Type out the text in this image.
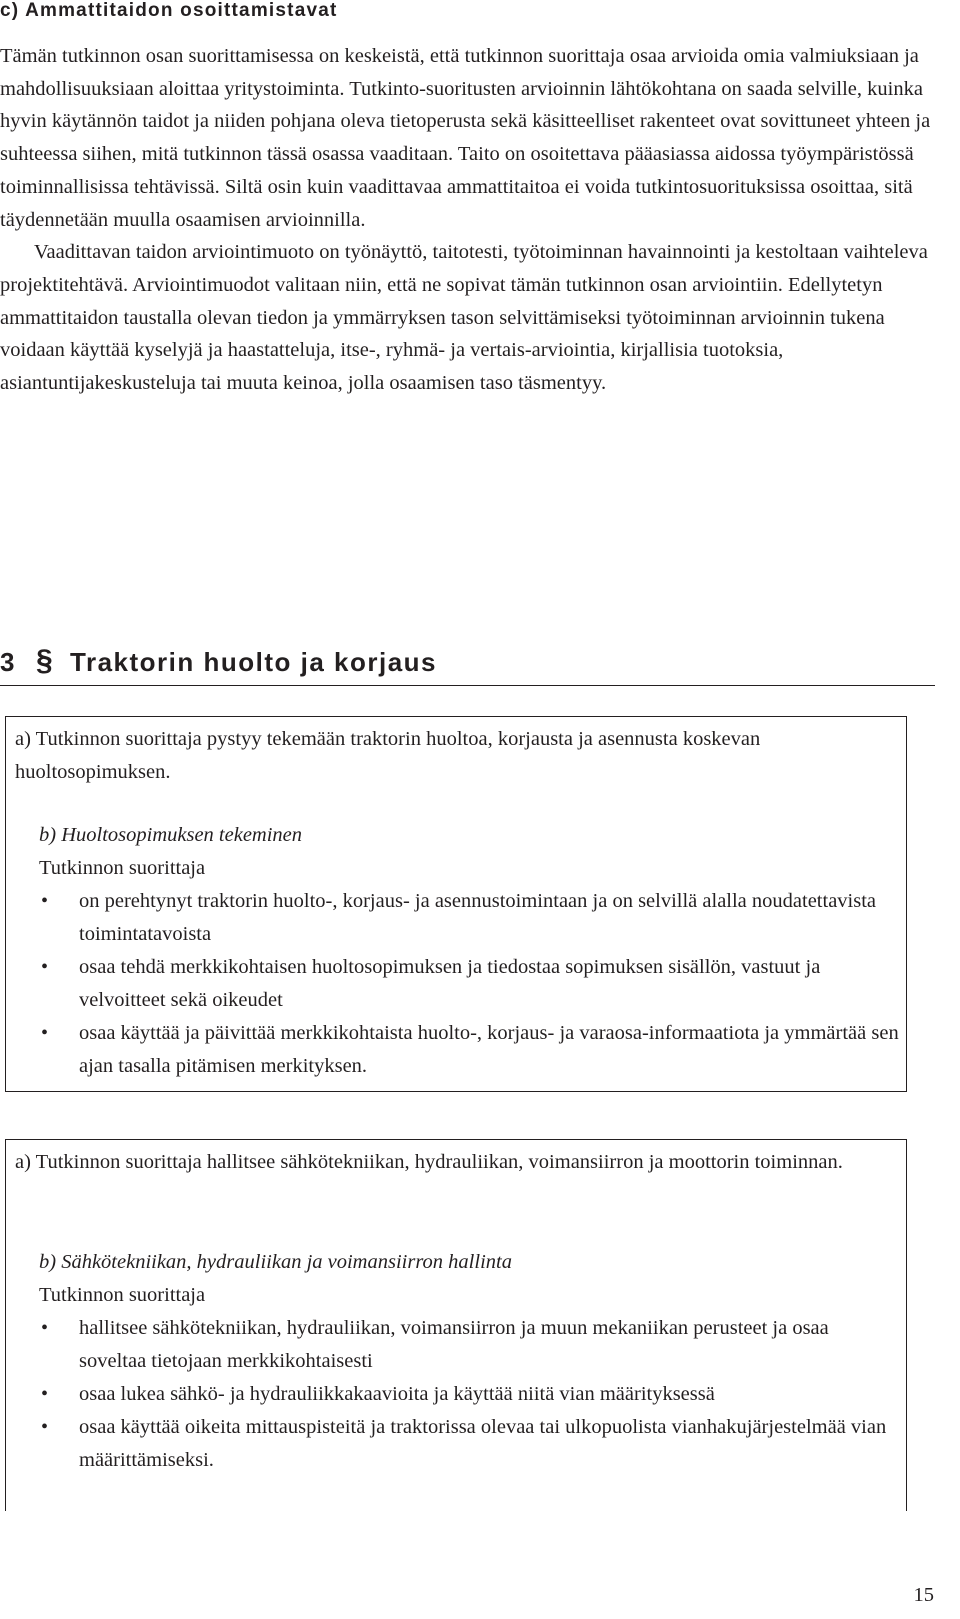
c) Ammattitaidon osoittamistavat

Tämän tutkinnon osan suorittamisessa on keskeistä, että tutkinnon suorittaja osaa arvioida omia valmiuksiaan ja mahdollisuuksiaan aloittaa yritystoiminta. Tutkinto-suoritusten arvioinnin lähtökohtana on saada selville, kuinka hyvin käytännön taidot ja niiden pohjana oleva tietoperusta sekä käsitteelliset rakenteet ovat sovittuneet yhteen ja suhteessa siihen, mitä tutkinnon tässä osassa vaaditaan. Taito on osoitettava pääasiassa aidossa työympäristössä toiminnallisissa tehtävissä. Siltä osin kuin vaadittavaa ammattitaitoa ei voida tutkintosuorituksissa osoittaa, sitä täydennetään muulla osaamisen arvioinnilla.

Vaadittavan taidon arviointimuoto on työnäyttö, taitotesti, työtoiminnan havainnointi ja kestoltaan vaihteleva projektitehtävä. Arviointimuodot valitaan niin, että ne sopivat tämän tutkinnon osan arviointiin. Edellytetyn ammattitaidon taustalla olevan tiedon ja ymmärryksen tason selvittämiseksi työtoiminnan arvioinnin tukena voidaan käyttää kyselyjä ja haastatteluja, itse-, ryhmä- ja vertais-arviointia, kirjallisia tuotoksia, asiantuntijakeskusteluja tai muuta keinoa, jolla osaamisen taso täsmentyy.

3 § Traktorin huolto ja korjaus

a) Tutkinnon suorittaja pystyy tekemään traktorin huoltoa, korjausta ja asennusta koskevan huoltosopimuksen.

b) Huoltosopimuksen tekeminen

Tutkinnon suorittaja

• on perehtynyt traktorin huolto-, korjaus- ja asennustoimintaan ja on selvillä alalla noudatettavista toimintatavoista
• osaa tehdä merkkikohtaisen huoltosopimuksen ja tiedostaa sopimuksen sisällön, vastuut ja velvoitteet sekä oikeudet
• osaa käyttää ja päivittää merkkikohtaista huolto-, korjaus- ja varaosa-informaatiota ja ymmärtää sen ajan tasalla pitämisen merkityksen.

a) Tutkinnon suorittaja hallitsee sähkötekniikan, hydrauliikan, voimansiirron ja moottorin toiminnan.

b) Sähkötekniikan, hydrauliikan ja voimansiirron hallinta

Tutkinnon suorittaja

• hallitsee sähkötekniikan, hydrauliikan, voimansiirron ja muun mekaniikan perusteet ja osaa soveltaa tietojaan merkkikohtaisesti
• osaa lukea sähkö- ja hydrauliikkakaavioita ja käyttää niitä vian määrityksessä
• osaa käyttää oikeita mittauspisteitä ja traktorissa olevaa tai ulkopuolista vianhakujärjestelmää vian määrittämiseksi.
15
